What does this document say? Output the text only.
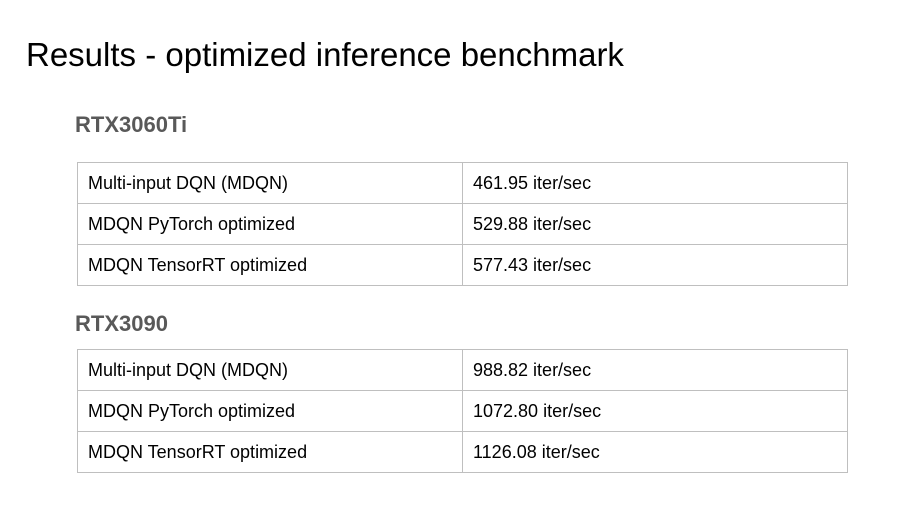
Results - optimized inference benchmark
RTX3060Ti
Multi-input DQN (MDQN)	461.95 iter/sec
MDQN PyTorch optimized	529.88 iter/sec
MDQN TensorRT optimized	577.43 iter/sec
RTX3090
Multi-input DQN (MDQN)	988.82 iter/sec
MDQN PyTorch optimized	1072.80 iter/sec
MDQN TensorRT optimized	1126.08 iter/sec
